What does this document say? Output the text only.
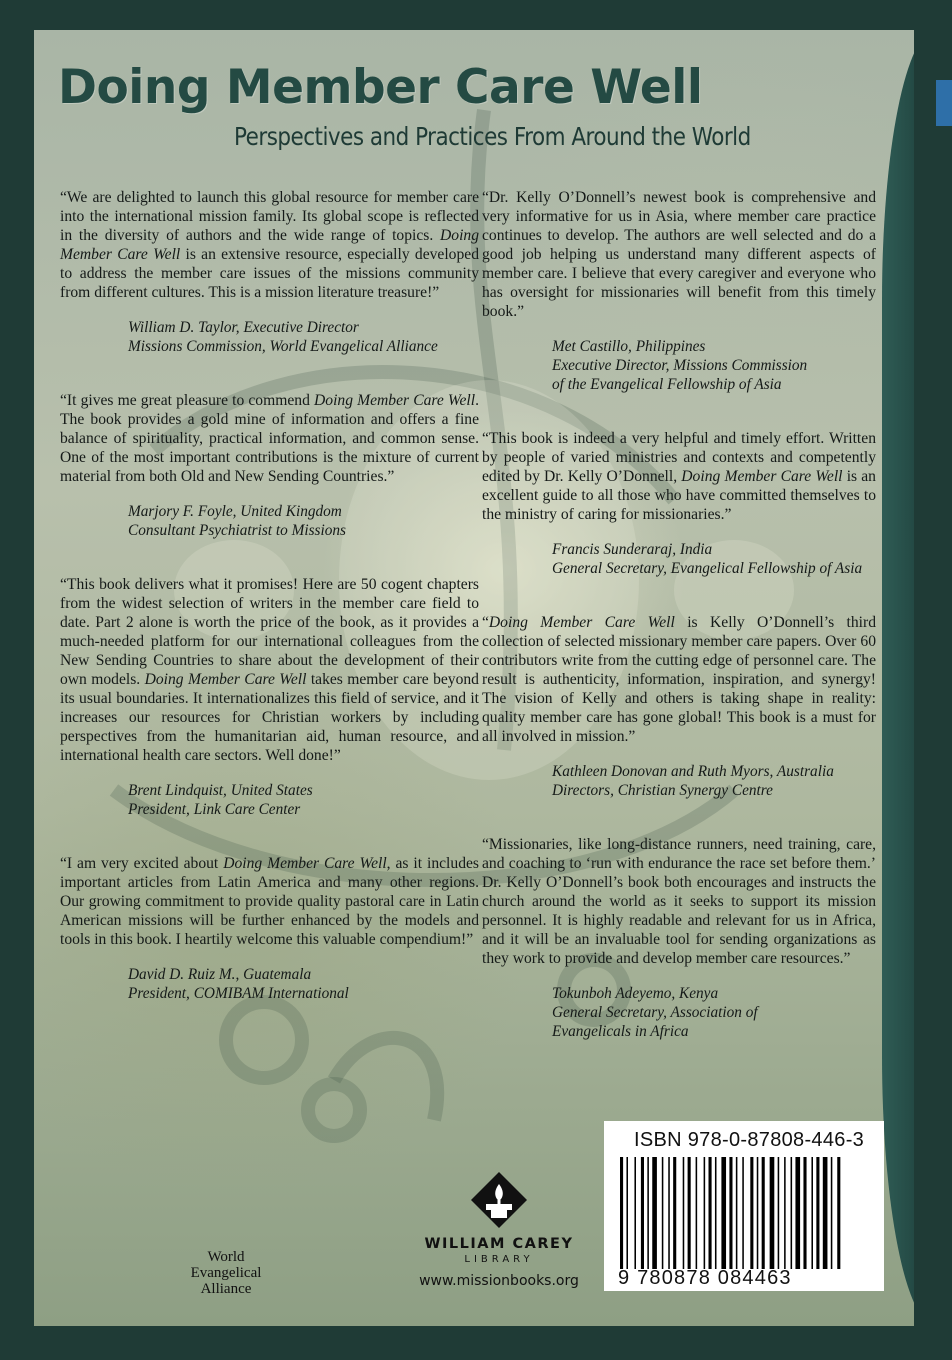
Doing Member Care Well
Perspectives and Practices From Around the World

“We are delighted to launch this global resource for member care into the international mission family. Its global scope is reflected in the diversity of authors and the wide range of topics. Doing Member Care Well is an extensive resource, especially developed to address the member care issues of the missions community from different cultures. This is a mission literature treasure!”

William D. Taylor, Executive Director
Missions Commission, World Evangelical Alliance

“It gives me great pleasure to commend Doing Member Care Well. The book provides a gold mine of information and offers a fine balance of spirituality, practical information, and common sense. One of the most important contributions is the mixture of current material from both Old and New Sending Countries.”

Marjory F. Foyle, United Kingdom
Consultant Psychiatrist to Missions

“This book delivers what it promises! Here are 50 cogent chapters from the widest selection of writers in the member care field to date. Part 2 alone is worth the price of the book, as it provides a much-needed platform for our international colleagues from the New Sending Countries to share about the development of their own models. Doing Member Care Well takes member care beyond its usual boundaries. It internationalizes this field of service, and it increases our resources for Christian workers by including perspectives from the humanitarian aid, human resource, and international health care sectors. Well done!”

Brent Lindquist, United States
President, Link Care Center

“I am very excited about Doing Member Care Well, as it includes important articles from Latin America and many other regions. Our growing commitment to provide quality pastoral care in Latin American missions will be further enhanced by the models and tools in this book. I heartily welcome this valuable compendium!”

David D. Ruiz M., Guatemala
President, COMIBAM International

“Dr. Kelly O’Donnell’s newest book is comprehensive and very informative for us in Asia, where member care practice continues to develop. The authors are well selected and do a good job helping us understand many different aspects of member care. I believe that every caregiver and everyone who has oversight for missionaries will benefit from this timely book.”

Met Castillo, Philippines
Executive Director, Missions Commission
of the Evangelical Fellowship of Asia

“This book is indeed a very helpful and timely effort. Written by people of varied ministries and contexts and competently edited by Dr. Kelly O’Donnell, Doing Member Care Well is an excellent guide to all those who have committed themselves to the ministry of caring for missionaries.”

Francis Sunderaraj, India
General Secretary, Evangelical Fellowship of Asia

“Doing Member Care Well is Kelly O’Donnell’s third collection of selected missionary member care papers. Over 60 contributors write from the cutting edge of personnel care. The result is authenticity, information, inspiration, and synergy! The vision of Kelly and others is taking shape in reality: quality member care has gone global! This book is a must for all involved in mission.”

Kathleen Donovan and Ruth Myors, Australia
Directors, Christian Synergy Centre

“Missionaries, like long-distance runners, need training, care, and coaching to ‘run with endurance the race set before them.’ Dr. Kelly O’Donnell’s book both encourages and instructs the church around the world as it seeks to support its mission personnel. It is highly readable and relevant for us in Africa, and it will be an invaluable tool for sending organizations as they work to provide and develop member care resources.”

Tokunboh Adeyemo, Kenya
General Secretary, Association of
Evangelicals in Africa
World
Evangelical
Alliance
WILLIAM CAREY
LIBRARY
www.missionbooks.org
ISBN 978-0-87808-446-3
9 780878 084463
